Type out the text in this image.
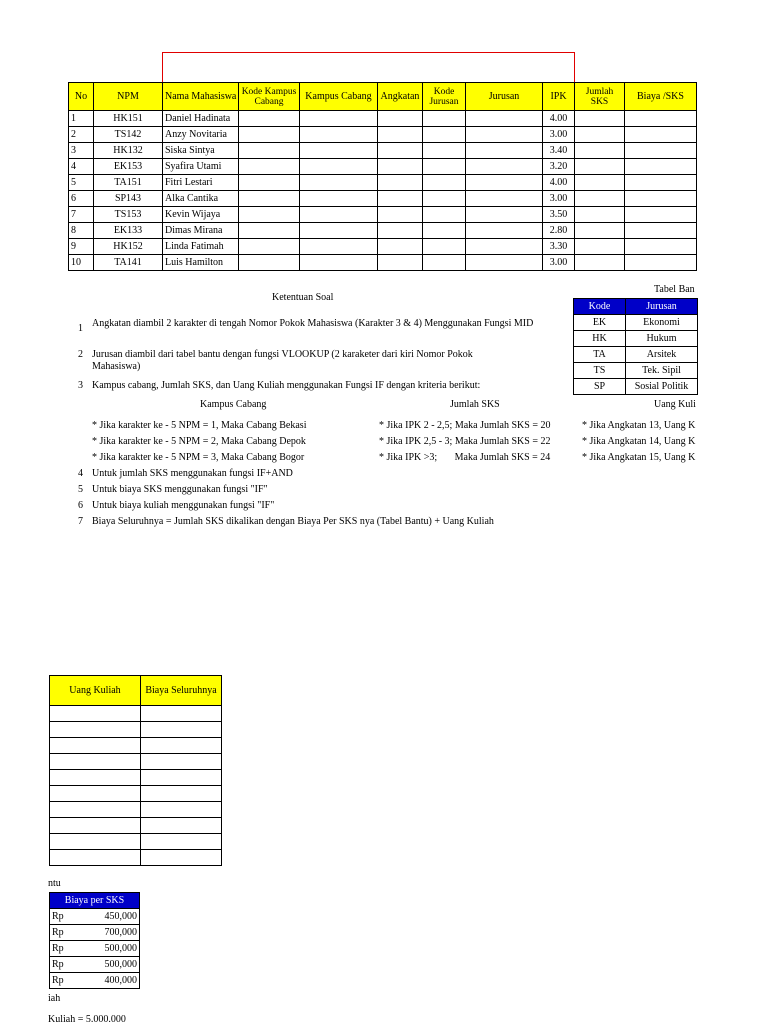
No	NPM	Nama Mahasiswa	Kode Kampus Cabang	Kampus Cabang	Angkatan	Kode Jurusan	Jurusan	IPK	Jumlah SKS	Biaya /SKS
1	HK151	Daniel Hadinata						4.00		
2	TS142	Anzy Novitaria						3.00		
3	HK132	Siska Sintya						3.40		
4	EK153	Syafira Utami						3.20		
5	TA151	Fitri Lestari						4.00		
6	SP143	Alka Cantika						3.00		
7	TS153	Kevin Wijaya						3.50		
8	EK133	Dimas Mirana						2.80		
9	HK152	Linda Fatimah						3.30		
10	TA141	Luis Hamilton						3.00		
Ketentuan Soal
1 Angkatan diambil 2 karakter di tengah Nomor Pokok Mahasiswa (Karakter 3 & 4) Menggunakan Fungsi MID
2 Jurusan diambil dari tabel bantu dengan fungsi VLOOKUP (2 karaketer dari kiri Nomor Pokok Mahasiswa)
3 Kampus cabang, Jumlah SKS, dan Uang Kuliah menggunakan Fungsi IF dengan kriteria berikut:
Kampus Cabang	Jumlah SKS	Uang Kuli
* Jika karakter ke - 5 NPM = 1, Maka Cabang Bekasi
* Jika karakter ke - 5 NPM = 2, Maka Cabang Depok
* Jika karakter ke - 5 NPM = 3, Maka Cabang Bogor
* Jika IPK 2 - 2,5; Maka Jumlah SKS = 20
* Jika IPK 2,5 - 3; Maka Jumlah SKS = 22
* Jika IPK >3;       Maka Jumlah SKS = 24
* Jika Angkatan 13, Uang K
* Jika Angkatan 14, Uang K
* Jika Angkatan 15, Uang K
4 Untuk jumlah SKS menggunakan fungsi IF+AND
5 Untuk biaya SKS menggunakan fungsi "IF"
6 Untuk biaya kuliah menggunakan fungsi "IF"
7 Biaya Seluruhnya = Jumlah SKS dikalikan dengan Biaya Per SKS nya (Tabel Bantu) + Uang Kuliah
Tabel Ban
Kode	Jurusan
EK	Ekonomi
HK	Hukum
TA	Arsitek
TS	Tek. Sipil
SP	Sosial Politik
Uang Kuliah	Biaya Seluruhnya

ntu
Biaya per SKS	
Rp	450,000
Rp	700,000
Rp	500,000
Rp	500,000
Rp	400,000
iah
Kuliah = 5.000.000
